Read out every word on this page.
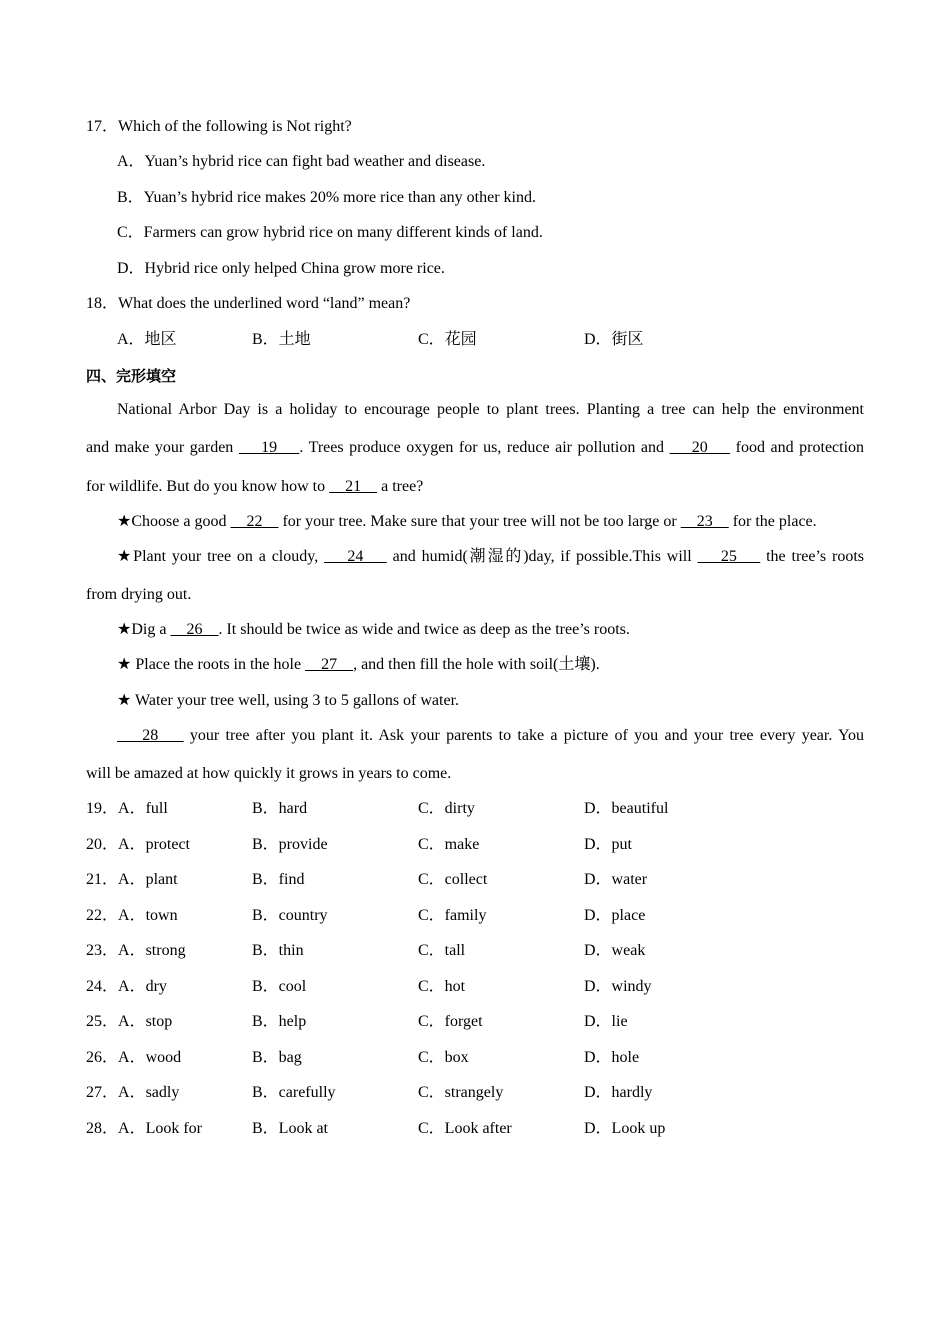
17．Which of the following is Not right?
A．Yuan’s hybrid rice can fight bad weather and disease.
B．Yuan’s hybrid rice makes 20% more rice than any other kind.
C．Farmers can grow hybrid rice on many different kinds of land.
D．Hybrid rice only helped China grow more rice.
18．What does the underlined word “land” mean?
A．地区	B．土地	C．花园	D．街区
四、完形填空
National Arbor Day is a holiday to encourage people to plant trees. Planting a tree can help the environment
and make your garden     19    . Trees produce oxygen for us, reduce air pollution and     20     food and protection
for wildlife. But do you know how to     21     a tree?
★Choose a good     22     for your tree. Make sure that your tree will not be too large or     23     for the place.
★Plant your tree on a cloudy,     24     and humid(潮湿的)day, if possible.This will     25     the tree’s roots
from drying out.
★Dig a     26    . It should be twice as wide and twice as deep as the tree’s roots.
★ Place the roots in the hole     27    , and then fill the hole with soil(土壤).
★ Water your tree well, using 3 to 5 gallons of water.
28     your tree after you plant it. Ask your parents to take a picture of you and your tree every year. You
will be amazed at how quickly it grows in years to come.
19．A．full	B．hard	C．dirty	D．beautiful
20．A．protect	B．provide	C．make	D．put
21．A．plant	B．find	C．collect	D．water
22．A．town	B．country	C．family	D．place
23．A．strong	B．thin	C．tall	D．weak
24．A．dry	B．cool	C．hot	D．windy
25．A．stop	B．help	C．forget	D．lie
26．A．wood	B．bag	C．box	D．hole
27．A．sadly	B．carefully	C．strangely	D．hardly
28．A．Look for	B．Look at	C．Look after	D．Look up
